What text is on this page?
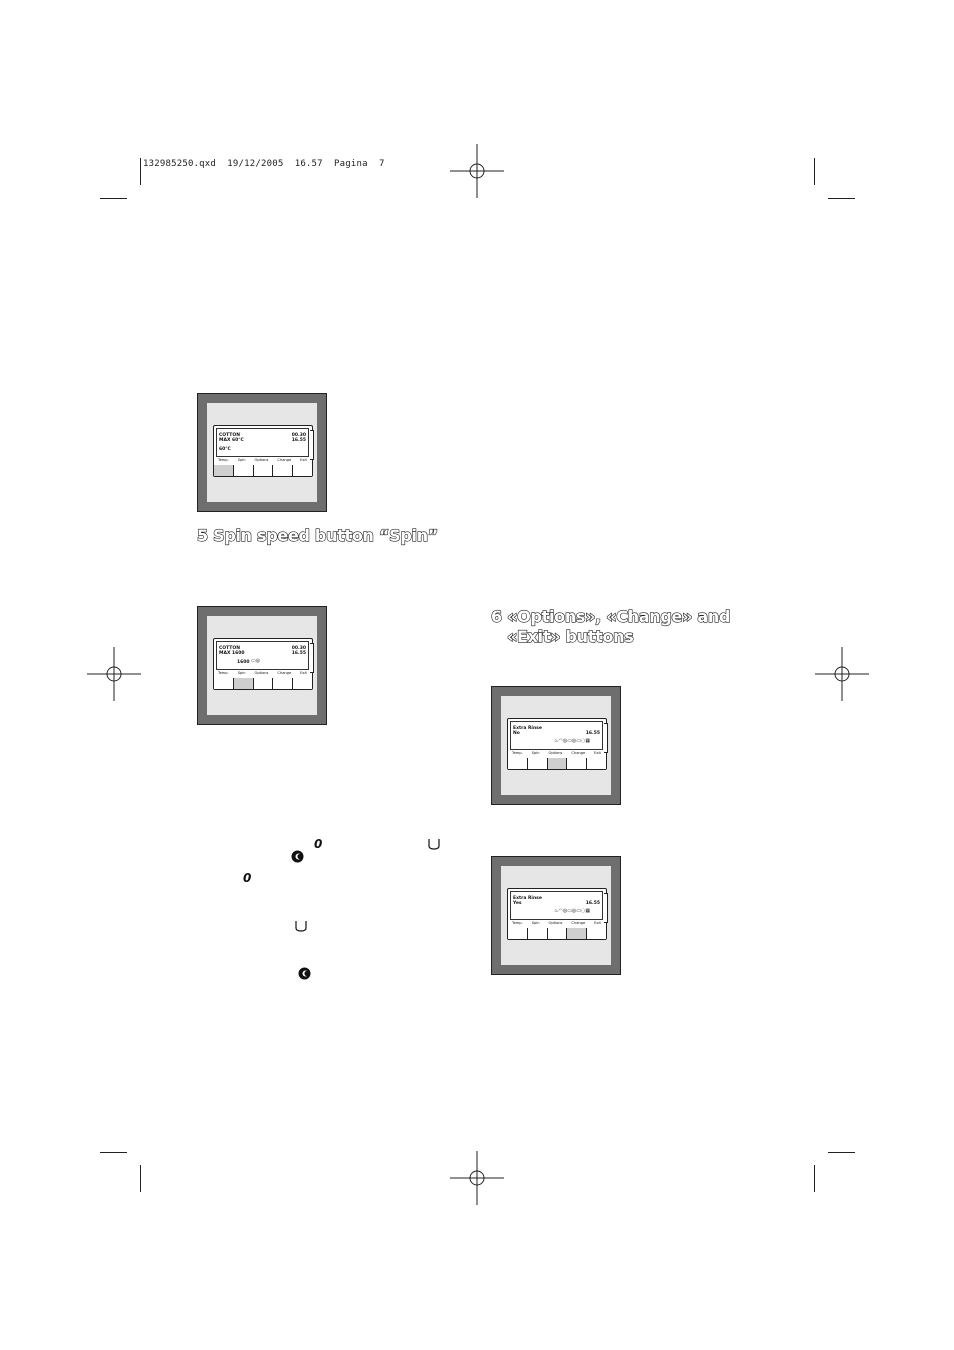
132985250.qxd  19/12/2005  16.57  Pagina  7
COTTON	00.30
MAX 60°C	16.55
60°C
Temp. Spin Options Change Exit
5 Spin speed button “Spin”
COTTON	00.30
MAX 1600	16.55
1600 ▭◎
Temp. Spin Options Change Exit
6 «Options», «Change» and
«Exit» buttons
Extra Rinse
No	16.55
♨◠◎▭◎▭◌▦
Temp. Spin Options Change Exit
0
0
Extra Rinse
Yes	16.55
♨◠◎▭◎▭◌▦
Temp. Spin Options Change Exit
